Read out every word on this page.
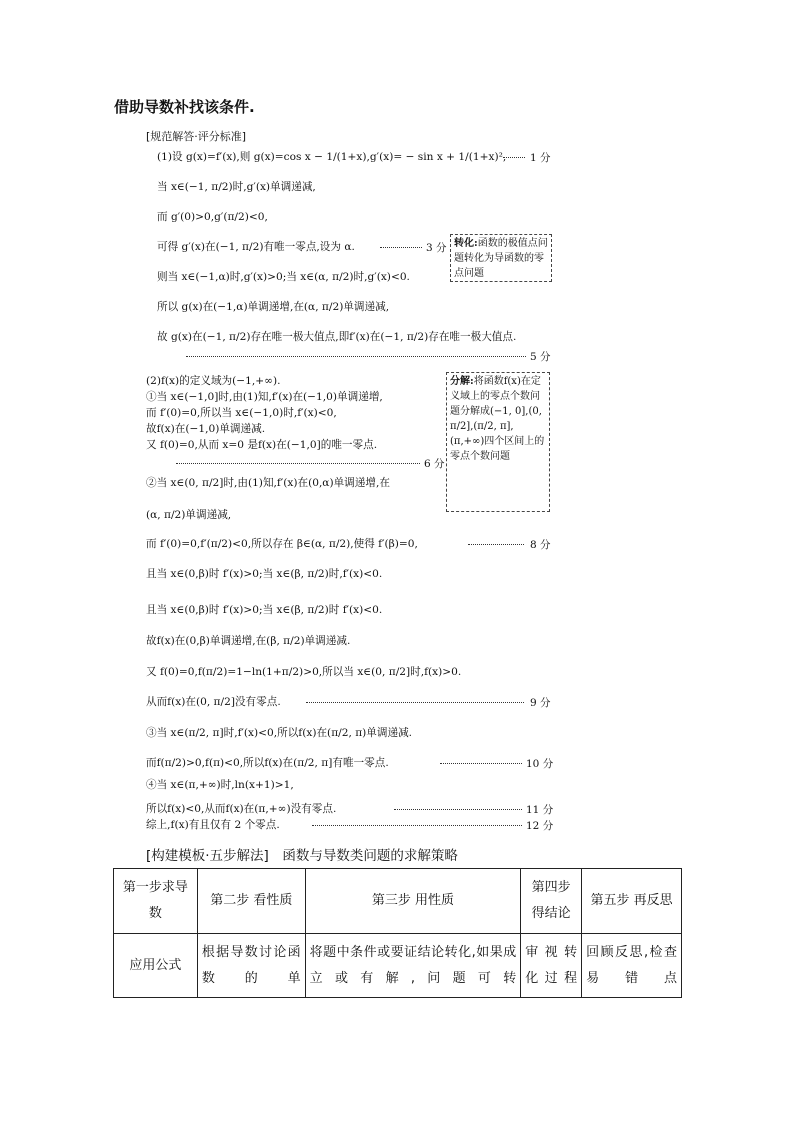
借助导数补找该条件.
[规范解答·评分标准]
(1)设 g(x)=f′(x),则 g(x)=cos x − 1/(1+x),g′(x)= − sin x + 1/(1+x)², 1 分
当 x∈(−1, π/2)时,g′(x)单调递减,
而 g′(0)>0,g′(π/2)<0,
可得 g′(x)在(−1, π/2)有唯一零点,设为 α.	3 分
则当 x∈(−1,α)时,g′(x)>0;当 x∈(α, π/2)时,g′(x)<0.
所以 g(x)在(−1,α)单调递增,在(α, π/2)单调递减,
故 g(x)在(−1, π/2)存在唯一极大值点,即f′(x)在(−1, π/2)存在唯一极大值点.
5 分
转化:函数的极值点问题转化为导函数的零点问题
(2)f(x)的定义域为(−1,+∞).
①当 x∈(−1,0]时,由(1)知,f′(x)在(−1,0)单调递增,
而 f′(0)=0,所以当 x∈(−1,0)时,f′(x)<0,
故f(x)在(−1,0)单调递减.
又 f(0)=0,从而 x=0 是f(x)在(−1,0]的唯一零点.
6 分
②当 x∈(0, π/2]时,由(1)知,f′(x)在(0,α)单调递增,在
(α, π/2)单调递减,
分解:将函数f(x)在定义域上的零点个数问题分解成(−1, 0],(0, π/2],(π/2, π],(π,+∞)四个区间上的零点个数问题
而 f′(0)=0,f′(π/2)<0,所以存在 β∈(α, π/2),使得 f′(β)=0,	8 分
且当 x∈(0,β)时 f′(x)>0;当 x∈(β, π/2)时,f′(x)<0.
且当 x∈(0,β)时 f′(x)>0;当 x∈(β, π/2)时 f′(x)<0.
故f(x)在(0,β)单调递增,在(β, π/2)单调递减.
又 f(0)=0,f(π/2)=1−ln(1+π/2)>0,所以当 x∈(0, π/2]时,f(x)>0.
从而f(x)在(0, π/2]没有零点.	9 分
③当 x∈(π/2, π]时,f′(x)<0,所以f(x)在(π/2, π)单调递减.
而f(π/2)>0,f(π)<0,所以f(x)在(π/2, π]有唯一零点.	10 分
④当 x∈(π,+∞)时,ln(x+1)>1,
所以f(x)<0,从而f(x)在(π,+∞)没有零点.	11 分
综上,f(x)有且仅有 2 个零点.	12 分
[构建模板·五步解法]　函数与导数类问题的求解策略
第一步求导数	第二步 看性质	第三步 用性质	第四步得结论	第五步 再反思
应用公式	根据导数讨论函数的单	将题中条件或要证结论转化,如果成立或有解,问题可转	审视转化过程	回顾反思,检查易错点
